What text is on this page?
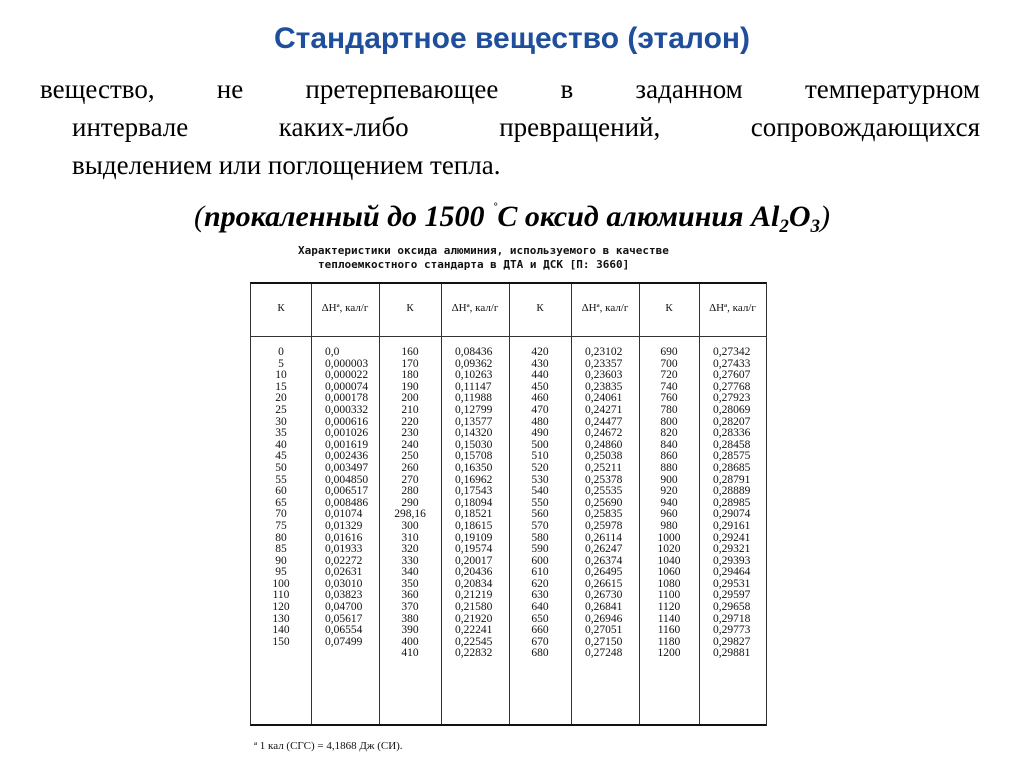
Стандартное вещество (эталон)
вещество, не претерпевающее в заданном температурном
интервале каких-либо превращений, сопровождающихся
выделением или поглощением тепла.
(прокаленный до 1500 ˚С оксид алюминия $Al_2O_3$)
Характеристики оксида алюминия, используемого в качестве
теплоемкостного стандарта в ДТА и ДСК [П: 3660]
К
0
5
10
15
20
25
30
35
40
45
50
55
60
65
70
75
80
85
90
95
100
110
120
130
140
150
ΔHª, кал/г
0,0
0,000003
0,000022
0,000074
0,000178
0,000332
0,000616
0,001026
0,001619
0,002436
0,003497
0,004850
0,006517
0,008486
0,01074
0,01329
0,01616
0,01933
0,02272
0,02631
0,03010
0,03823
0,04700
0,05617
0,06554
0,07499
К
160
170
180
190
200
210
220
230
240
250
260
270
280
290
298,16
300
310
320
330
340
350
360
370
380
390
400
410
ΔHª, кал/г
0,08436
0,09362
0,10263
0,11147
0,11988
0,12799
0,13577
0,14320
0,15030
0,15708
0,16350
0,16962
0,17543
0,18094
0,18521
0,18615
0,19109
0,19574
0,20017
0,20436
0,20834
0,21219
0,21580
0,21920
0,22241
0,22545
0,22832
К
420
430
440
450
460
470
480
490
500
510
520
530
540
550
560
570
580
590
600
610
620
630
640
650
660
670
680
ΔHª, кал/г
0,23102
0,23357
0,23603
0,23835
0,24061
0,24271
0,24477
0,24672
0,24860
0,25038
0,25211
0,25378
0,25535
0,25690
0,25835
0,25978
0,26114
0,26247
0,26374
0,26495
0,26615
0,26730
0,26841
0,26946
0,27051
0,27150
0,27248
К
690
700
720
740
760
780
800
820
840
860
880
900
920
940
960
980
1000
1020
1040
1060
1080
1100
1120
1140
1160
1180
1200
ΔHª, кал/г
0,27342
0,27433
0,27607
0,27768
0,27923
0,28069
0,28207
0,28336
0,28458
0,28575
0,28685
0,28791
0,28889
0,28985
0,29074
0,29161
0,29241
0,29321
0,29393
0,29464
0,29531
0,29597
0,29658
0,29718
0,29773
0,29827
0,29881
ª 1 кал (СГС) = 4,1868 Дж (СИ).
